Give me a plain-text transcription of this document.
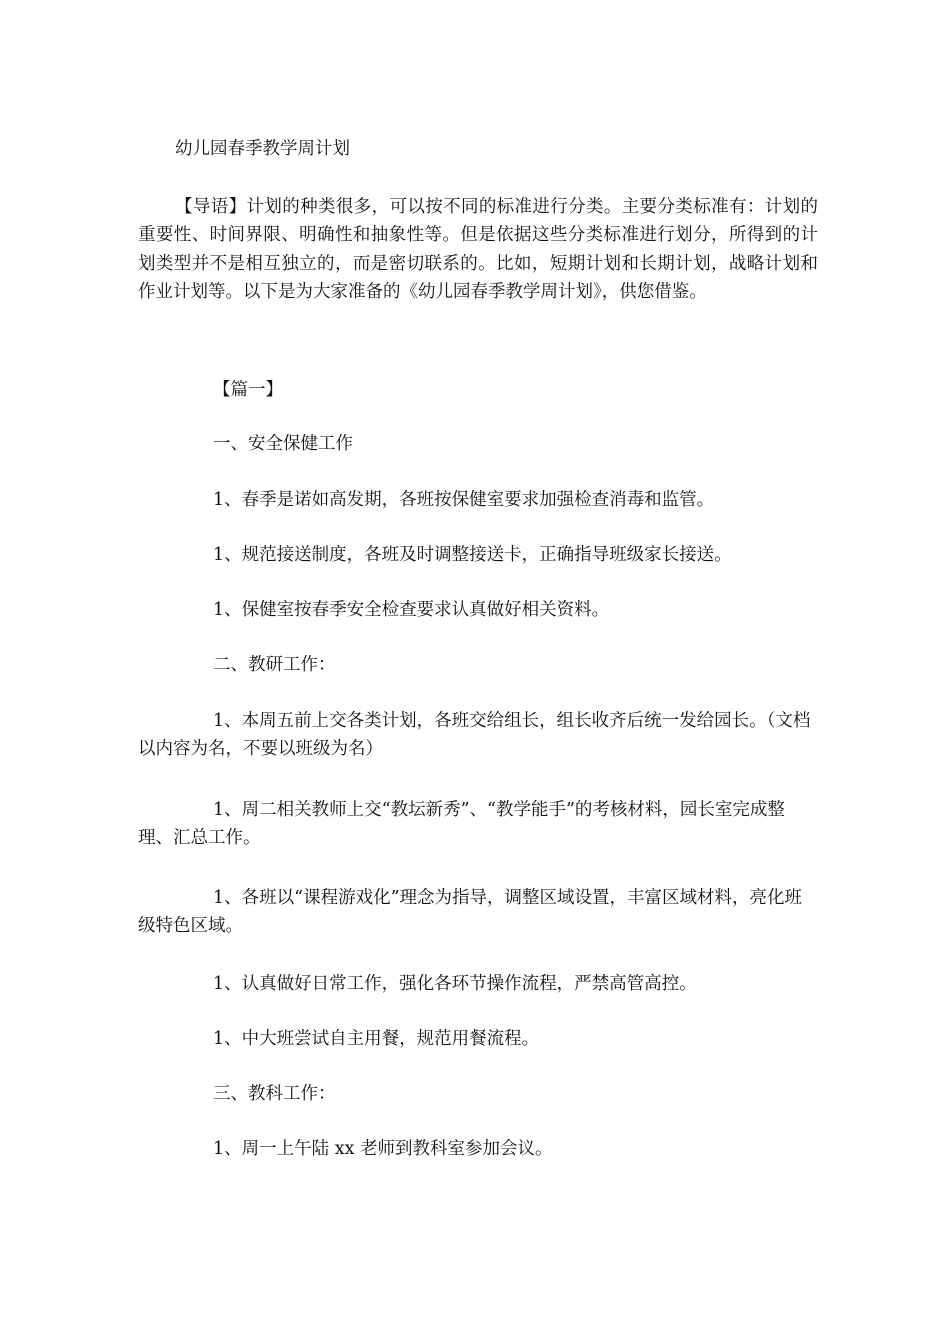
幼儿园春季教学周计划

【导语】计划的种类很多，可以按不同的标准进行分类。主要分类标准有：计划的重要性、时间界限、明确性和抽象性等。但是依据这些分类标准进行划分，所得到的计划类型并不是相互独立的，而是密切联系的。比如，短期计划和长期计划，战略计划和作业计划等。以下是为大家准备的《幼儿园春季教学周计划》，供您借鉴。

【篇一】

一、安全保健工作

1、春季是诺如高发期，各班按保健室要求加强检查消毒和监管。

1、规范接送制度，各班及时调整接送卡，正确指导班级家长接送。

1、保健室按春季安全检查要求认真做好相关资料。

二、教研工作：

1、本周五前上交各类计划，各班交给组长，组长收齐后统一发给园长。（文档以内容为名，不要以班级为名）

1、周二相关教师上交“教坛新秀”、“教学能手”的考核材料，园长室完成整理、汇总工作。

1、各班以“课程游戏化”理念为指导，调整区域设置，丰富区域材料，亮化班级特色区域。

1、认真做好日常工作，强化各环节操作流程，严禁高管高控。

1、中大班尝试自主用餐，规范用餐流程。

三、教科工作：

1、周一上午陆 xx 老师到教科室参加会议。
